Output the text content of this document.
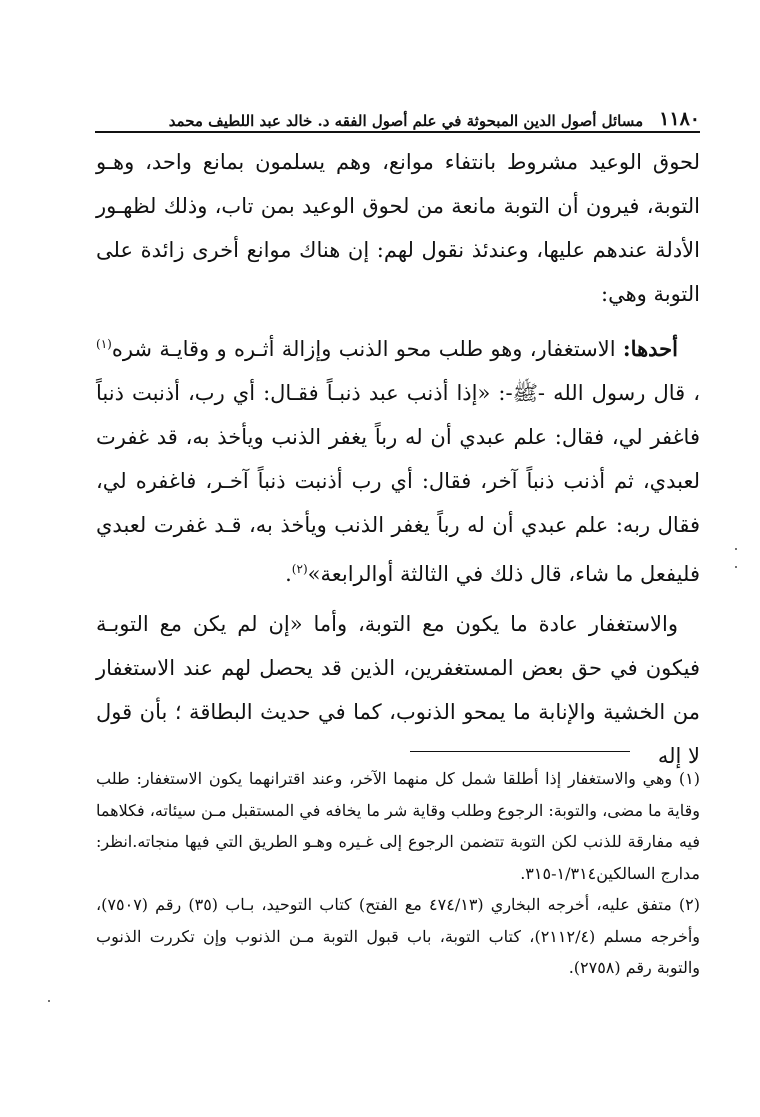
١١٨٠
مسائل أصول الدين المبحوثة في علم أصول الفقه د. خالد عبد اللطيف محمد

لحوق الوعيد مشروط بانتفاء موانع، وهم يسلمون بمانع واحد، وهـو التوبة، فيرون أن التوبة مانعة من لحوق الوعيد بمن تاب، وذلك لظهـور الأدلة عندهم عليها، وعندئذ نقول لهم: إن هناك موانع أخرى زائدة على التوبة وهي:

أحدها: الاستغفار، وهو طلب محو الذنب وإزالة أثـره و وقايـة شره$^{(١)}$ ، قال رسول الله -ﷺ-: «إذا أذنب عبد ذنبـاً فقـال: أي رب، أذنبت ذنباً فاغفر لي، فقال: علم عبدي أن له رباً يغفر الذنب ويأخذ به، قد غفرت لعبدي، ثم أذنب ذنباً آخر، فقال: أي رب أذنبت ذنباً آخـر، فاغفره لي، فقال ربه: علم عبدي أن له رباً يغفر الذنب ويأخذ به، قـد غفرت لعبدي فليفعل ما شاء، قال ذلك في الثالثة أوالرابعة»$^{(٢)}$.

والاستغفار عادة ما يكون مع التوبة، وأما «إن لم يكن مع التوبـة فيكون في حق بعض المستغفرين، الذين قد يحصل لهم عند الاستغفار من الخشية والإنابة ما يمحو الذنوب، كما في حديث البطاقة ؛ بأن قول لا إله

(١) وهي والاستغفار إذا أطلقا شمل كل منهما الآخر، وعند اقترانهما يكون الاستغفار: طلب وقاية ما مضى، والتوبة: الرجوع وطلب وقاية شر ما يخافه في المستقبل مـن سيئاته، فكلاهما فيه مفارقة للذنب لكن التوبة تتضمن الرجوع إلى غـيره وهـو الطريق التي فيها منجاته.انظر: مدارج السالكين١/٣١٤-٣١٥.

(٢) متفق عليه، أخرجه البخاري (٤٧٤/١٣ مع الفتح) كتاب التوحيد، بـاب (٣٥) رقم (٧٥٠٧)، وأخرجه مسلم (٢١١٢/٤)، كتاب التوبة، باب قبول التوبة مـن الذنوب وإن تكررت الذنوب والتوبة رقم (٢٧٥٨).
